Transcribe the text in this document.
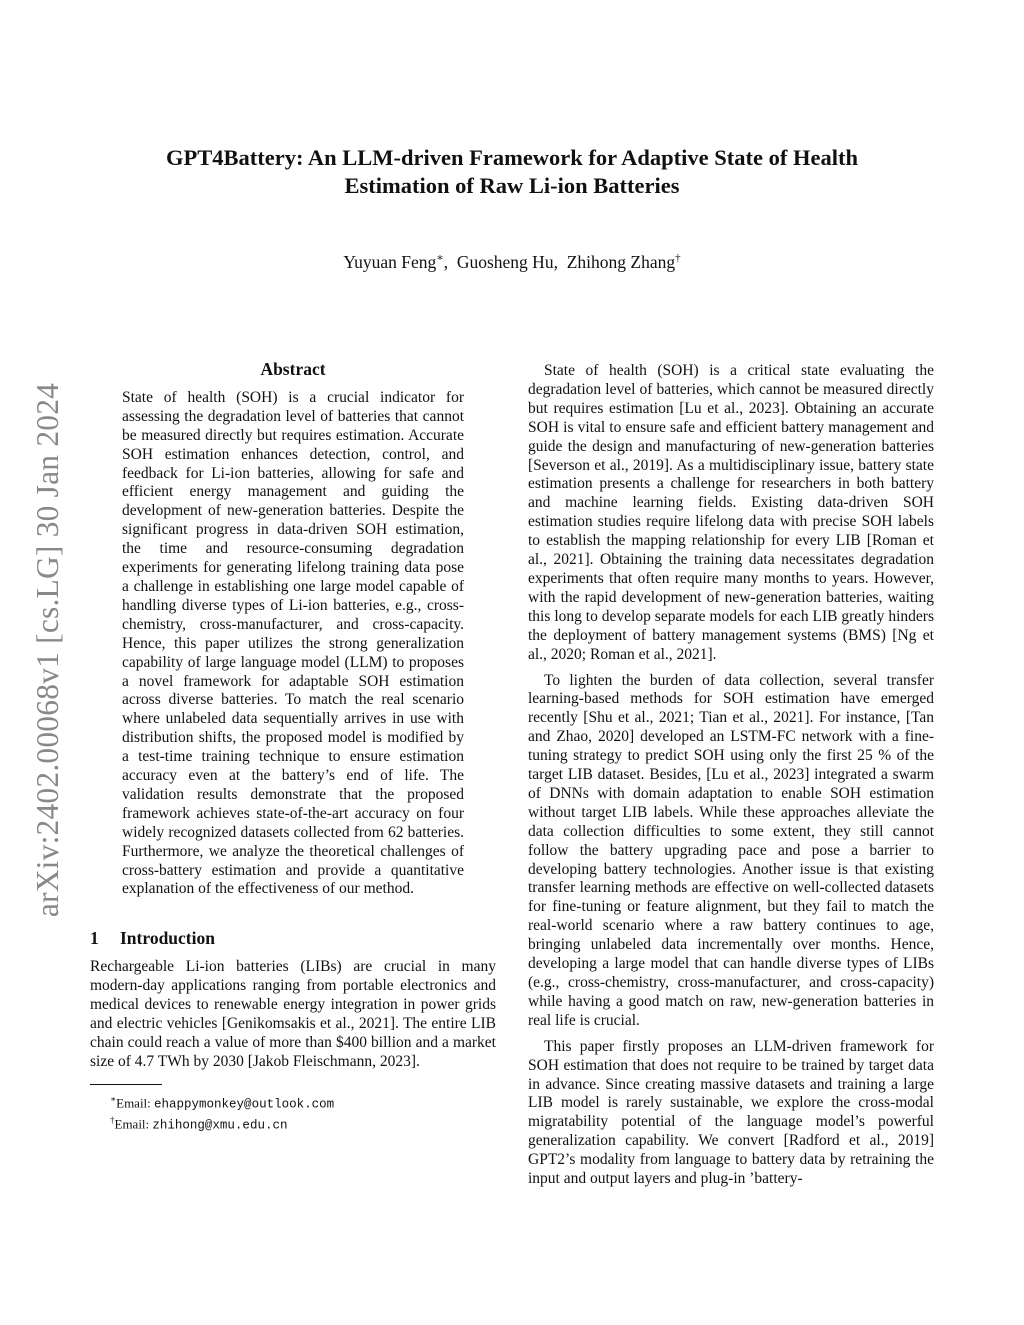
arXiv:2402.00068v1 [cs.LG] 30 Jan 2024
GPT4Battery: An LLM-driven Framework for Adaptive State of Health
Estimation of Raw Li-ion Batteries
Yuyuan Feng∗,  Guosheng Hu,  Zhihong Zhang†
Abstract

State of health (SOH) is a crucial indicator for assessing the degradation level of batteries that cannot be measured directly but requires estimation. Accurate SOH estimation enhances detection, control, and feedback for Li-ion batteries, allowing for safe and efficient energy management and guiding the development of new-generation batteries. Despite the significant progress in data-driven SOH estimation, the time and resource-consuming degradation experiments for generating lifelong training data pose a challenge in establishing one large model capable of handling diverse types of Li-ion batteries, e.g., cross-chemistry, cross-manufacturer, and cross-capacity. Hence, this paper utilizes the strong generalization capability of large language model (LLM) to proposes a novel framework for adaptable SOH estimation across diverse batteries. To match the real scenario where unlabeled data sequentially arrives in use with distribution shifts, the proposed model is modified by a test-time training technique to ensure estimation accuracy even at the battery’s end of life. The validation results demonstrate that the proposed framework achieves state-of-the-art accuracy on four widely recognized datasets collected from 62 batteries. Furthermore, we analyze the theoretical challenges of cross-battery estimation and provide a quantitative explanation of the effectiveness of our method.

1 Introduction

Rechargeable Li-ion batteries (LIBs) are crucial in many modern-day applications ranging from portable electronics and medical devices to renewable energy integration in power grids and electric vehicles [Genikomsakis et al., 2021]. The entire LIB chain could reach a value of more than $400 billion and a market size of 4.7 TWh by 2030 [Jakob Fleischmann, 2023].

∗Email: ehappymonkey@outlook.com
†Email: zhihong@xmu.edu.cn

State of health (SOH) is a critical state evaluating the degradation level of batteries, which cannot be measured directly but requires estimation [Lu et al., 2023]. Obtaining an accurate SOH is vital to ensure safe and efficient battery management and guide the design and manufacturing of new-generation batteries [Severson et al., 2019]. As a multidisciplinary issue, battery state estimation presents a challenge for researchers in both battery and machine learning fields. Existing data-driven SOH estimation studies require lifelong data with precise SOH labels to establish the mapping relationship for every LIB [Roman et al., 2021]. Obtaining the training data necessitates degradation experiments that often require many months to years. However, with the rapid development of new-generation batteries, waiting this long to develop separate models for each LIB greatly hinders the deployment of battery management systems (BMS) [Ng et al., 2020; Roman et al., 2021].

To lighten the burden of data collection, several transfer learning-based methods for SOH estimation have emerged recently [Shu et al., 2021; Tian et al., 2021]. For instance, [Tan and Zhao, 2020] developed an LSTM-FC network with a fine-tuning strategy to predict SOH using only the first 25 % of the target LIB dataset. Besides, [Lu et al., 2023] integrated a swarm of DNNs with domain adaptation to enable SOH estimation without target LIB labels. While these approaches alleviate the data collection difficulties to some extent, they still cannot follow the battery upgrading pace and pose a barrier to developing battery technologies. Another issue is that existing transfer learning methods are effective on well-collected datasets for fine-tuning or feature alignment, but they fail to match the real-world scenario where a raw battery continues to age, bringing unlabeled data incrementally over months. Hence, developing a large model that can handle diverse types of LIBs (e.g., cross-chemistry, cross-manufacturer, and cross-capacity) while having a good match on raw, new-generation batteries in real life is crucial.

This paper firstly proposes an LLM-driven framework for SOH estimation that does not require to be trained by target data in advance. Since creating massive datasets and training a large LIB model is rarely sustainable, we explore the cross-modal migratability potential of the language model’s powerful generalization capability. We convert [Radford et al., 2019] GPT2’s modality from language to battery data by retraining the input and output layers and plug-in ’battery-
